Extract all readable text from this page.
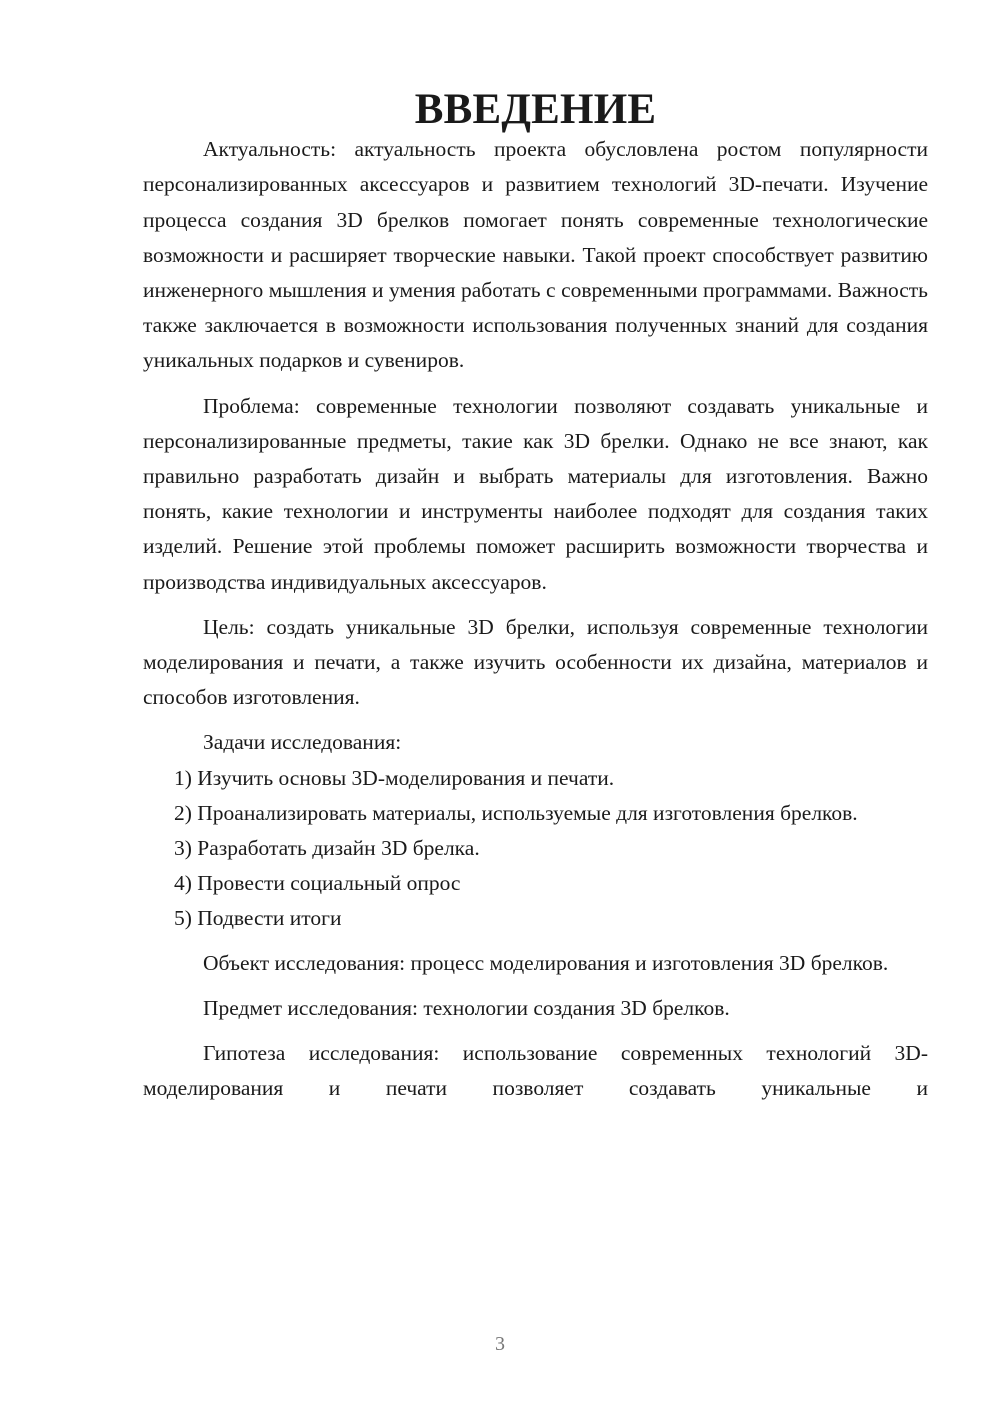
ВВЕДЕНИЕ

Актуальность: актуальность проекта обусловлена ростом популярности персонализированных аксессуаров и развитием технологий 3D-печати. Изучение процесса создания 3D брелков помогает понять современные технологические возможности и расширяет творческие навыки. Такой проект способствует развитию инженерного мышления и умения работать с современными программами. Важность также заключается в возможности использования полученных знаний для создания уникальных подарков и сувениров.

Проблема: современные технологии позволяют создавать уникальные и персонализированные предметы, такие как 3D брелки. Однако не все знают, как правильно разработать дизайн и выбрать материалы для изготовления. Важно понять, какие технологии и инструменты наиболее подходят для создания таких изделий. Решение этой проблемы поможет расширить возможности творчества и производства индивидуальных аксессуаров.

Цель: создать уникальные 3D брелки, используя современные технологии моделирования и печати, а также изучить особенности их дизайна, материалов и способов изготовления.

Задачи исследования:

1) Изучить основы 3D-моделирования и печати.

2) Проанализировать материалы, используемые для изготовления брелков.

3) Разработать дизайн 3D брелка.

4) Провести социальный опрос

5) Подвести итоги

Объект исследования: процесс моделирования и изготовления 3D брелков.

Предмет исследования: технологии создания 3D брелков.

Гипотеза исследования: использование современных технологий 3D-моделирования и печати позволяет создавать уникальные и

3
